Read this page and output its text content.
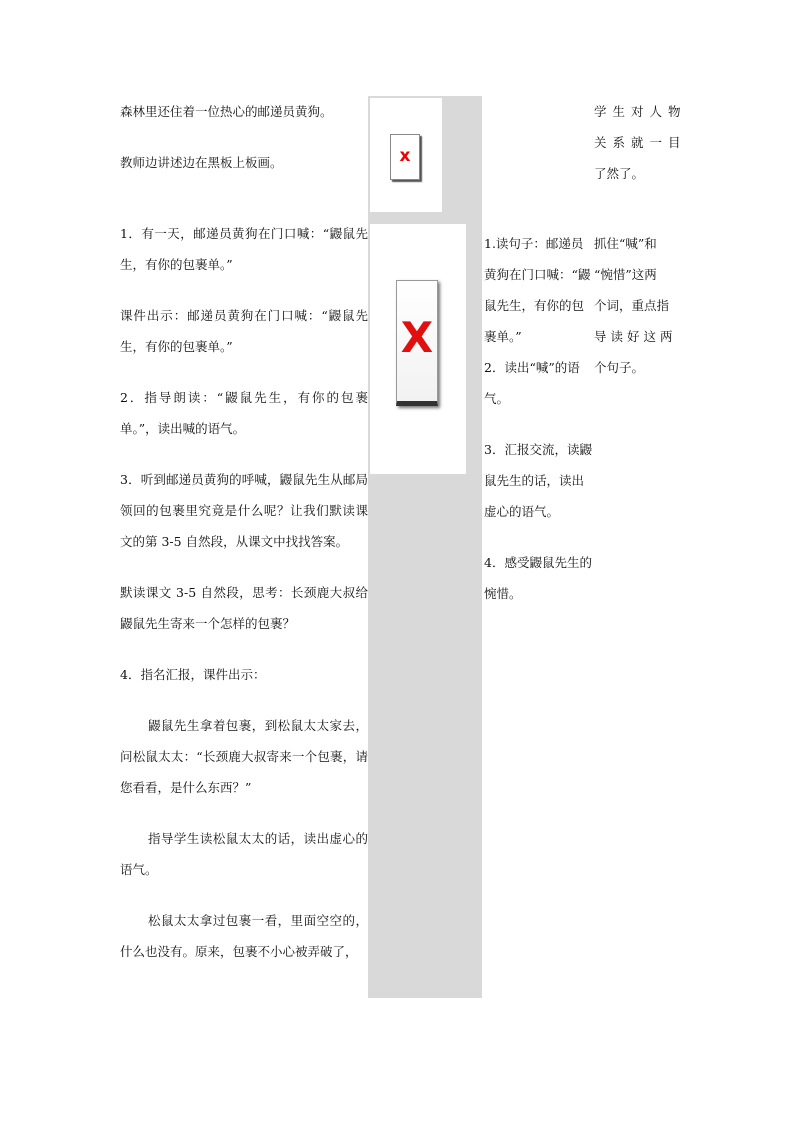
森林里还住着一位热心的邮递员黄狗。

教师边讲述边在黑板上板画。

1．有一天，邮递员黄狗在门口喊：“鼹鼠先生，有你的包裹单。”

课件出示：邮递员黄狗在门口喊：“鼹鼠先生，有你的包裹单。”

2．指导朗读：“鼹鼠先生，有你的包裹单。”，读出喊的语气。

3．听到邮递员黄狗的呼喊，鼹鼠先生从邮局领回的包裹里究竟是什么呢？让我们默读课文的第 3-5 自然段，从课文中找找答案。

默读课文 3-5 自然段，思考：长颈鹿大叔给鼹鼠先生寄来一个怎样的包裹？

4．指名汇报，课件出示：

鼹鼠先生拿着包裹，到松鼠太太家去，问松鼠太太：“长颈鹿大叔寄来一个包裹，请您看看，是什么东西？”

指导学生读松鼠太太的话，读出虚心的语气。

松鼠太太拿过包裹一看，里面空空的，什么也没有。原来，包裹不小心被弄破了，

x
X

学生对人物

关系就一目

了然了。

1.读句子：邮递员黄狗在门口喊：“鼹鼠先生，有你的包裹单。”

2．读出“喊”的语气。

3．汇报交流，读鼹鼠先生的话，读出虚心的语气。

4．感受鼹鼠先生的惋惜。

抓住“喊”和

“惋惜”这两

个词，重点指

导读好这两

个句子。
